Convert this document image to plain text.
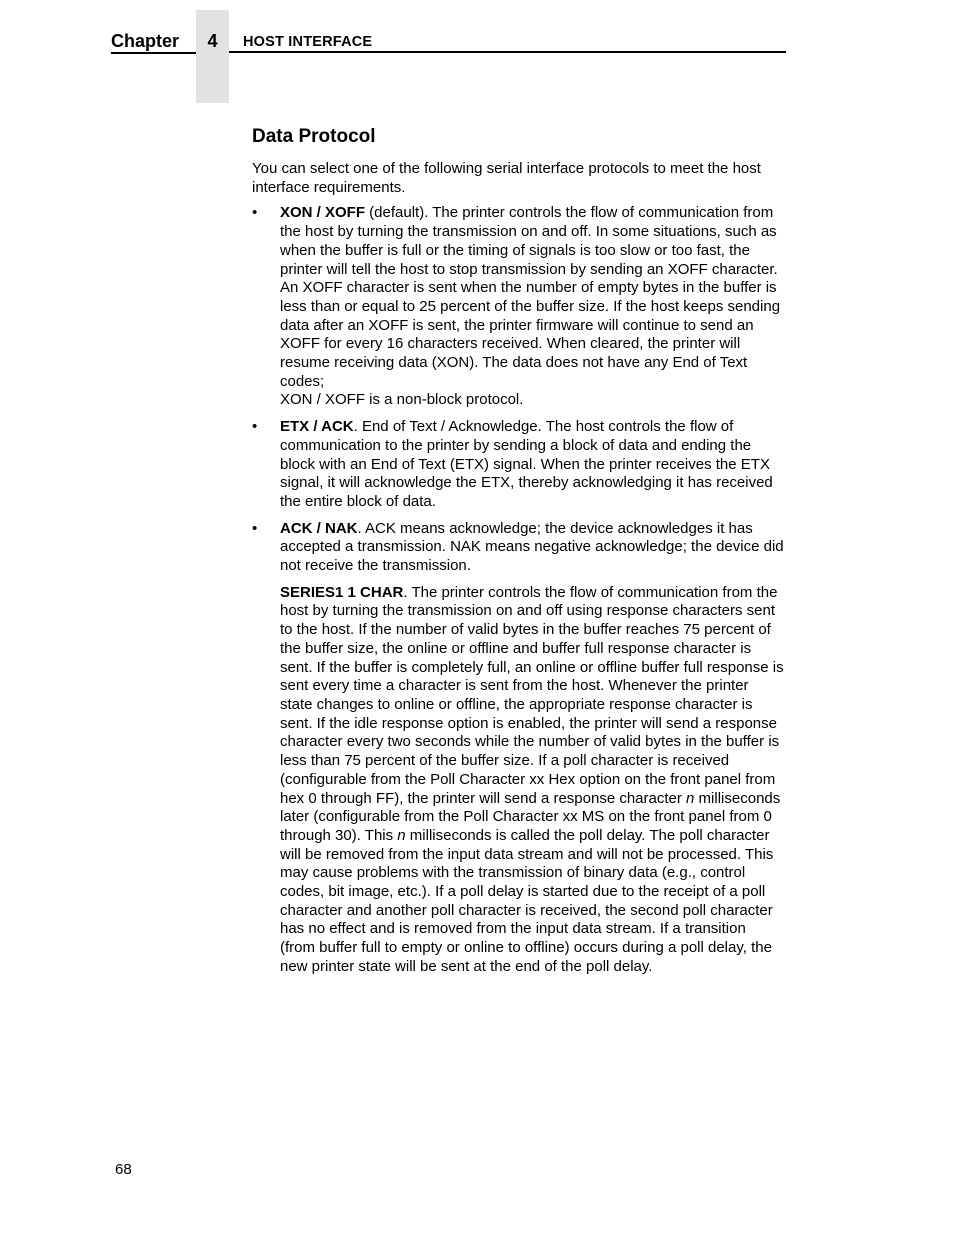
Chapter	4	HOST INTERFACE
Data Protocol

You can select one of the following serial interface protocols to meet the host interface requirements.

• XON / XOFF (default). The printer controls the flow of communication from the host by turning the transmission on and off. In some situations, such as when the buffer is full or the timing of signals is too slow or too fast, the printer will tell the host to stop transmission by sending an XOFF character. An XOFF character is sent when the number of empty bytes in the buffer is less than or equal to 25 percent of the buffer size. If the host keeps sending data after an XOFF is sent, the printer firmware will continue to send an XOFF for every 16 characters received. When cleared, the printer will resume receiving data (XON). The data does not have any End of Text codes;
XON / XOFF is a non-block protocol.

• ETX / ACK. End of Text / Acknowledge. The host controls the flow of communication to the printer by sending a block of data and ending the block with an End of Text (ETX) signal. When the printer receives the ETX signal, it will acknowledge the ETX, thereby acknowledging it has received the entire block of data.

• ACK / NAK. ACK means acknowledge; the device acknowledges it has accepted a transmission. NAK means negative acknowledge; the device did not receive the transmission.

SERIES1 1 CHAR. The printer controls the flow of communication from the host by turning the transmission on and off using response characters sent to the host. If the number of valid bytes in the buffer reaches 75 percent of the buffer size, the online or offline and buffer full response character is sent. If the buffer is completely full, an online or offline buffer full response is sent every time a character is sent from the host. Whenever the printer state changes to online or offline, the appropriate response character is sent. If the idle response option is enabled, the printer will send a response character every two seconds while the number of valid bytes in the buffer is less than 75 percent of the buffer size. If a poll character is received (configurable from the Poll Character xx Hex option on the front panel from hex 0 through FF), the printer will send a response character n milliseconds later (configurable from the Poll Character xx MS on the front panel from 0 through 30). This n milliseconds is called the poll delay. The poll character will be removed from the input data stream and will not be processed. This may cause problems with the transmission of binary data (e.g., control codes, bit image, etc.). If a poll delay is started due to the receipt of a poll character and another poll character is received, the second poll character has no effect and is removed from the input data stream. If a transition (from buffer full to empty or online to offline) occurs during a poll delay, the new printer state will be sent at the end of the poll delay.

68
